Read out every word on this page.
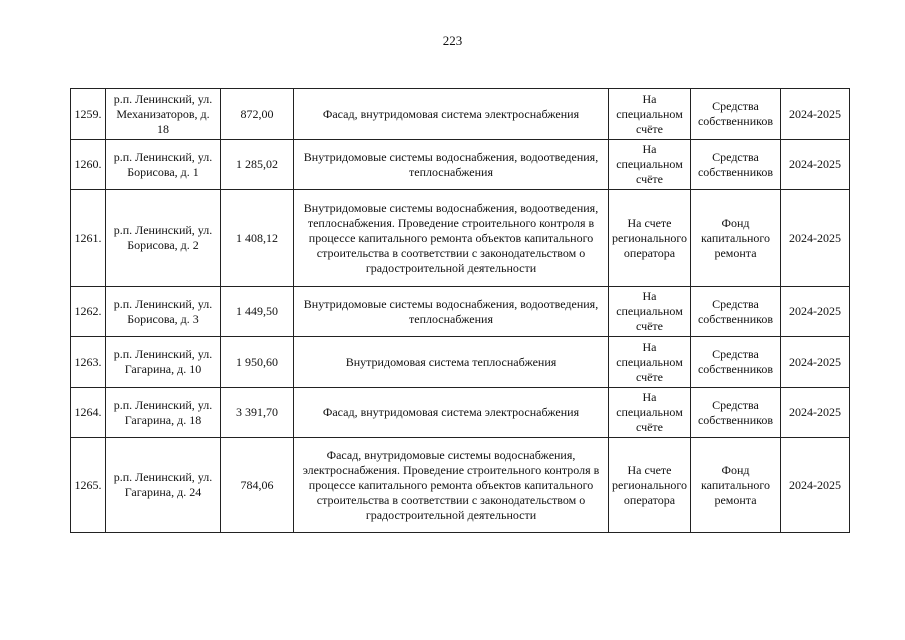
223
1259.	р.п. Ленинский, ул. Механизаторов, д. 18	872,00	Фасад, внутридомовая система электроснабжения	На специальном счёте	Средства собственников	2024-2025
1260.	р.п. Ленинский, ул. Борисова, д. 1	1 285,02	Внутридомовые системы водоснабжения, водоотведения, теплоснабжения	На специальном счёте	Средства собственников	2024-2025
1261.	р.п. Ленинский, ул. Борисова, д. 2	1 408,12	Внутридомовые системы водоснабжения, водоотведения, теплоснабжения. Проведение строительного контроля в процессе капитального ремонта объектов капитального строительства в соответствии с законодательством о градостроительной деятельности	На счете регионального оператора	Фонд капитального ремонта	2024-2025
1262.	р.п. Ленинский, ул. Борисова, д. 3	1 449,50	Внутридомовые системы водоснабжения, водоотведения, теплоснабжения	На специальном счёте	Средства собственников	2024-2025
1263.	р.п. Ленинский, ул. Гагарина, д. 10	1 950,60	Внутридомовая система теплоснабжения	На специальном счёте	Средства собственников	2024-2025
1264.	р.п. Ленинский, ул. Гагарина, д. 18	3 391,70	Фасад, внутридомовая система электроснабжения	На специальном счёте	Средства собственников	2024-2025
1265.	р.п. Ленинский, ул. Гагарина, д. 24	784,06	Фасад, внутридомовые системы водоснабжения, электроснабжения. Проведение строительного контроля в процессе капитального ремонта объектов капитального строительства в соответствии с законодательством о градостроительной деятельности	На счете регионального оператора	Фонд капитального ремонта	2024-2025
